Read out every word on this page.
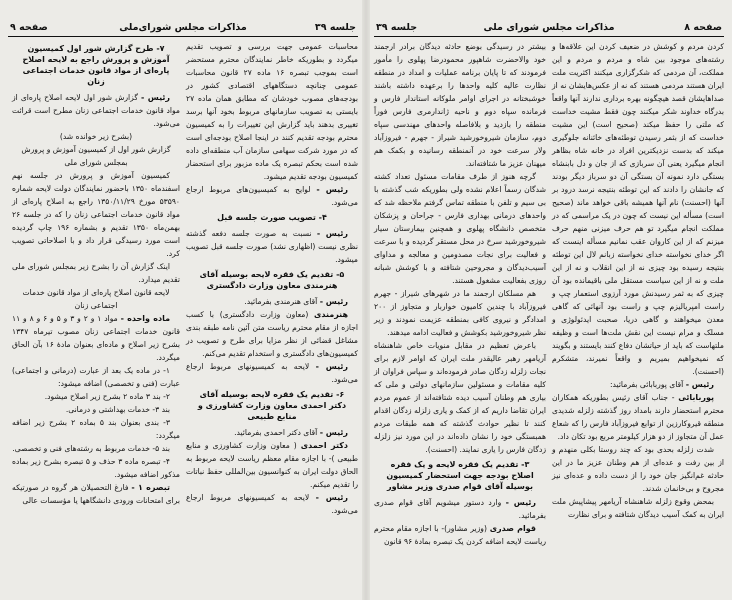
جلسه ۳۹
مذاکرات مجلس شورای‌ملی
صفحه ۹

محاسبات عمومی جهت بررسی و تصویب تقدیم میگردد و بطوریکه خاطر نمایندگان محترم مستحضر است بموجب تبصره ۱۶ ماده ۲۷ قانون محاسبات عمومی چنانچه دستگاههای اقتصادی کشور در بودجه‌های مصوب خودشان که مطابق همان ماده ۲۷ بایستی به تصویب سازمانهای مربوط بخود آنها برسد تغییری بدهند باید گزارش این تغییرات را به کمیسیون محترم بودجه تقدیم کنند در اینجا اصلاح بودجه‌ای است که در مورد شرکت سهامی سازمان آب منطقه‌ای داده شده است بحکم تبصره یک ماده مزبور برای استحضار کمیسیون بودجه تقدیم میشود.

رئیس - لوایح به کمیسیون‌های مربوط ارجاع می‌شود.

۴- تصویب صورت جلسه قبل

رئیس - نسبت به صورت جلسه دفعه گذشته نظری نیست (اظهاری نشد) صورت جلسه قبل تصویب میشود.

۵- تقدیم یک فقره لایحه بوسیله آقای هنرمندی معاون وزارت دادگستری

رئیس - آقای هنرمندی بفرمائید.

هنرمندی (معاون وزارت دادگستری) با کسب اجازه از مقام محترم ریاست متن آئین نامه طبقه بندی مشاغل قضائی از نظر مزایا برای طرح و تصویب در کمیسیون‌های دادگستری و استخدام تقدیم می‌کنم.

رئیس - لایحه به کمیسیونهای مربوط ارجاع می‌شود.

۶- تقدیم یک فقره لایحه بوسیله آقای دکتر احمدی معاون وزارت کشاورزی و منابع طبیعی

رئیس - آقای دکتر احمدی بفرمائید.

دکتر احمدی ( معاون وزارت کشاورزی و منابع طبیعی )- با اجازه مقام معظم ریاست لایحه مربوط به الحاق دولت ایران به کنوانسیون بین‌المللی حفظ نباتات را تقدیم میکنم.

رئیس - لایحه به کمیسیونهای مربوط ارجاع می‌شود.

۷- طرح گزارش شور اول کمیسیون آموزش و پرورش راجع به لایحه اصلاح پاره‌ای از مواد قانون خدمات اجتماعی زنان

رئیس - گزارش شور اول لایحه اصلاح پاره‌ای از مواد قانون خدمات اجتماعی زنان مطرح است قرائت می‌شود.

(بشرح زیر خوانده شد)

گزارش شور اول از کمیسیون آموزش و پرورش بمجلس شورای ملی

کمیسیون آموزش و پرورش در جلسه نهم اسفندماه ۱۳۵۰ باحضور نمایندگان دولت لایحه شماره ۵۳۵۹۰ مورخ ۱۳۵۰/۱۱/۲۹ راجع به اصلاح پاره‌ای از مواد قانون خدمات اجتماعی زنان را که در جلسه ۲۶ بهمن‌ماه ۱۳۵۰ تقدیم و بشماره ۱۹۶ چاپ گردیده است مورد رسیدگی قرار داد و با اصلاحاتی تصویب کرد.

اینک گزارش آن را بشرح زیر بمجلس شورای ملی تقدیم میدارد.

لایحه قانون اصلاح پاره‌ای از مواد قانون خدمات اجتماعی زنان

ماده واحده - مواد ۱ و ۲ و ۳ و ۵ و ۶ و ۸ و ۱۱ قانون خدمات اجتماعی زنان مصوب تیرماه ۱۳۴۷ بشرح زیر اصلاح و ماده‌ای بعنوان مادهٔ ۱۶ بآن الحاق میگردد.

۱- در ماده یک بعد از عبارت (درمانی و اجتماعی) عبارت (فنی و تخصصی) اضافه میشود:

۲- بند ۳ ماده ۲ بشرح زیر اصلاح میشود.

بند ۳- خدمات بهداشتی و درمانی.

۳- بندی بعنوان بند ۵ بماده ۲ بشرح زیر اضافه میگردد:

بند ۵- خدمات مربوط به رشته‌های فنی و تخصصی.

۴- تبصره ماده ۳ حذف و ۵ تبصره بشرح زیر بماده مذکور اضافه میشود.

تبصره ۱ - فارغ التحصیلان هر گروه در صورتیکه برای امتحانات ورودی دانشگاهها یا مؤسسات عالی

صفحه ۸
مذاکرات مجلس شورای ملی
جلسه ۳۹

کردن مردم و کوشش در ضعیف کردن این علاقه‌ها و رشته‌های موجود بین شاه و مردم و مردم و این مملکت، آن مردمی که شکرگزاری میکنند اکثریت ملت ایران هستند مردمی هستند که نه از عکس‌هایشان نه از صداهایشان قصد هیچگونه بهره برداری ندارند آنها واقعاً بدرگاه خداوند شکر میکنند چون فقط مشیت خداست که ملتی را حفظ میکند (صحیح است) این مشیت خداست که از بثمر رسیدن توطئه‌های خائنانه جلوگیری میکند که بدست نزدیکترین افراد در خانه شاه بظاهر انجام میگیرد یعنی آن سربازی که از جان و دل بابنشاه بستگی دارد نمونه آن بستگی آن دو سرباز دیگر بودند که جانشان را دادند که این توطئه بنتیجه نرسد درود بر آنها (احسنت) نام آنها همیشه باقی خواهد ماند (صحیح است) مسأله این نیست که چون در یک مراسمی که در مملکت انجام میگیرد تو هم حرف میزنی منهم حرف میزنم که از این کاروان عقب نمانیم مسأله اینست که اگر خدای نخواسته خدای نخواسته زبانم لال این توطئه بنتیجه رسیده بود چیزی نه از این انقلاب و نه از این ملت و نه از این سیاست مستقل ملی باقیمانده بود آن چیزی که به ثمر رسیدنش مورد آرزوی استعمار چپ و راست امپریالیزم چپ و راست بود آنهائی که گاهی معدن میخواهند و گاهی دریا، صحبت ایدئولوژی و مسلک و مرام نیست این نقش ملت‌ها است و وظیفه ملتهاست که باید از حیاتشان دفاع کنند بایستند و بگویند که نمیخواهیم بمیریم و واقعاً نمیرند، متشکرم (احسنت).

رئیس - آقای پوربابائی بفرمائید:

پوربابائی - جناب آقای رئیس بطوریکه همکاران محترم استحضار دارند بامداد روز گذشته زلزله شدیدی منطقه قیروکارزین از توابع فیروزآباد فارس را که شعاع عمل آن متجاوز از دو هزار کیلومتر مربع بود تکان داد.

شدت زلزله بحدی بود که چند روستا بکلی منهدم و از بین رفت و عده‌ای از هم وطنان عزیز ما در این حادثه غم‌انگیز جان خود را از دست داده و عده‌ای نیز مجروح و بی‌خانمان شدند.

بمحض وقوع زلزله شاهنشاه آریامهر پیشاپیش ملت ایران به کمک آسیب دیدگان شتافته و برای نظارت

بیشتر در رسیدگی بوضع حادثه دیدگان برادر ارجمند خود والاحضرت شاهپور محمودرضا پهلوی را مأمور فرمودند که تا پایان برنامه عملیات و امداد در منطقه نظارت عالیه کلیه واحدها را برعهده داشته باشند خوشبختانه در اجرای اوامر ملوکانه استاندار فارس و فرمانده سپاه دوم و ناحیه ژاندارمری فارس فوراً منطقه را بازدید و بلافاصله واحدهای مهندسی سپاه دوم، سازمان شیروخورشید شیراز - جهرم - فیروزآباد ولار سرعت خود در آنمنطقه رسانیده و بکمک هم میهنان عزیز ما شتافته‌اند.

گرچه هنوز از طرف مقامات مسئول تعداد کشته شدگان رسماً اعلام نشده ولی بطوریکه شب گذشته با بی سیم و تلفن با منطقه تماس گرفتم ملاحظه شد که واحدهای درمانی بهداری فارس - جراحان و پزشکان متخصص دانشگاه پهلوی و همچنین بیمارستان سیار شیروخورشید سرخ در محل مستقر گردیده و با سرعت و فعالیت برای نجات مصدومین و معالجه و مداوای آسیب‌دیدگان و مجروحین شتافته و با کوشش شبانه روزی بفعالیت مشغول هستند.

هم مسلکان ارجمند ما در شهرهای شیراز - جهرم فیروزآباد با چندین کامیون خواربار و متجاوز از ۲۰۰ امدادگر و نیروی کافی بمنطقه عزیمت نمودند و زیر نظر شیروخورشید بکوشش و فعالیت ادامه میدهند.

باعرض تعظیم در مقابل منویات خاص شاهنشاه آریامهر رهبر عالیقدر ملت ایران که اوامر لازم برای نجات زلزله زدگان صادر فرموده‌اند و سپاس فراوان از کلیه مقامات و مسئولین سازمانهای دولتی و ملی که بیاری هم وطنان آسیب دیده شتافته‌اند از عموم مردم ایران تقاضا داریم که از کمک و یاری زلزله زدگان اقدام کنند تا نظیر حوادث گذشته که همه طبقات مردم همبستگی خود را نشان داده‌اند در این مورد نیز زلزله زدگان فارس را یاری نمایند. (احسنت).

۳- تقدیم یک فقره لایحه و یک فقره اصلاح بودجه جهت استحضار کمیسیون بوسیله آقای قوام صدری وزیر مشاور

رئیس - وارد دستور میشویم آقای قوام صدری بفرمائید.

قوام صدری (وزیر مشاور)- با اجازه مقام محترم ریاست لایحه اضافه کردن یک تبصره بمادهٔ ۹۶ قانون
